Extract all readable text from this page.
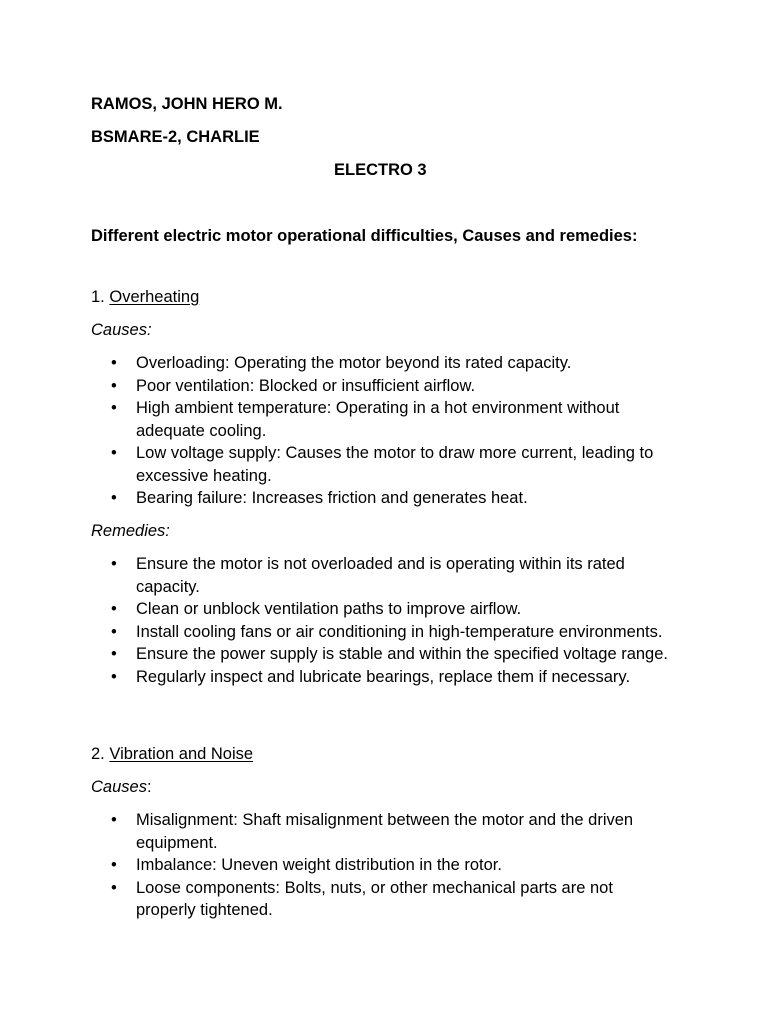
RAMOS, JOHN HERO M.
BSMARE-2, CHARLIE
ELECTRO 3
Different electric motor operational difficulties, Causes and remedies:
1. Overheating
Causes:
• Overloading: Operating the motor beyond its rated capacity.
• Poor ventilation: Blocked or insufficient airflow.
• High ambient temperature: Operating in a hot environment without adequate cooling.
• Low voltage supply: Causes the motor to draw more current, leading to excessive heating.
• Bearing failure: Increases friction and generates heat.
Remedies:
• Ensure the motor is not overloaded and is operating within its rated capacity.
• Clean or unblock ventilation paths to improve airflow.
• Install cooling fans or air conditioning in high-temperature environments.
• Ensure the power supply is stable and within the specified voltage range.
• Regularly inspect and lubricate bearings, replace them if necessary.
2. Vibration and Noise
Causes:
• Misalignment: Shaft misalignment between the motor and the driven equipment.
• Imbalance: Uneven weight distribution in the rotor.
• Loose components: Bolts, nuts, or other mechanical parts are not properly tightened.
